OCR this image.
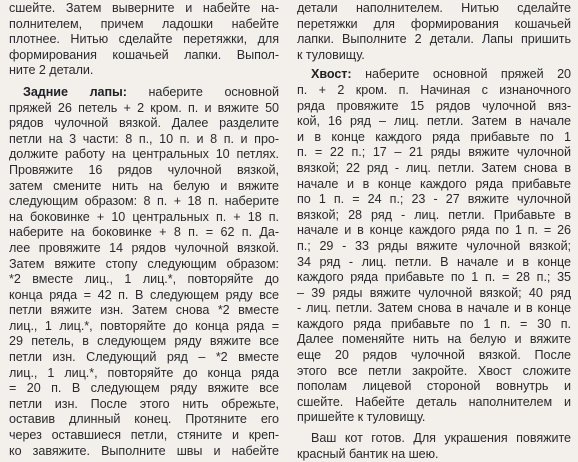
сшейте. Затем выверните и набейте на-
полнителем, причем ладошки набейте
плотнее. Нитью сделайте перетяжки, для
формирования кошачьей лапки. Выпол-
ните 2 детали.
Задние лапы: наберите основной
пряжей 26 петель + 2 кром. п. и вяжите 50
рядов чулочной вязкой. Далее разделите
петли на 3 части: 8 п., 10 п. и 8 п. и про-
должите работу на центральных 10 петлях.
Провяжите 16 рядов чулочной вязкой,
затем смените нить на белую и вяжите
следующим образом: 8 п. + 18 п. наберите
на боковинке + 10 центральных п. + 18 п.
наберите на боковинке + 8 п. = 62 п. Да-
лее провяжите 14 рядов чулочной вязкой.
Затем вяжите стопу следующим образом:
*2 вместе лиц., 1 лиц.*, повторяйте до
конца ряда = 42 п. В следующем ряду все
петли вяжите изн. Затем снова *2 вместе
лиц., 1 лиц.*, повторяйте до конца ряда =
29 петель, в следующем ряду вяжите все
петли изн. Следующий ряд – *2 вместе
лиц., 1 лиц.*, повторяйте до конца ряда
= 20 п. В следующем ряду вяжите все
петли изн. После этого нить обрежьте,
оставив длинный конец. Протяните его
через оставшиеся петли, стяните и креп-
ко завяжите. Выполните швы и набейте
детали наполнителем. Нитью сделайте
перетяжки для формирования кошачьей
лапки. Выполните 2 детали. Лапы пришить
к туловищу.
Хвост: наберите основной пряжей 20
п. + 2 кром. п. Начиная с изнаночного
ряда провяжите 15 рядов чулочной вяз-
кой, 16 ряд – лиц. петли. Затем в начале
и в конце каждого ряда прибавьте по 1
п. = 22 п.; 17 – 21 ряды вяжите чулочной
вязкой; 22 ряд - лиц. петли. Затем снова в
начале и в конце каждого ряда прибавьте
по 1 п. = 24 п.; 23 - 27 вяжите чулочной
вязкой; 28 ряд - лиц. петли. Прибавьте в
начале и в конце каждого ряда по 1 п. = 26
п.; 29 - 33 ряды вяжите чулочной вязкой;
34 ряд - лиц. петли. В начале и в конце
каждого ряда прибавьте по 1 п. = 28 п.; 35
– 39 ряды вяжите чулочной вязкой; 40 ряд
- лиц. петли. Затем снова в начале и в конце
каждого ряда прибавьте по 1 п. = 30 п.
Далее поменяйте нить на белую и вяжите
еще 20 рядов чулочной вязкой. После
этого все петли закройте. Хвост сложите
пополам лицевой стороной вовнутрь и
сшейте. Набейте деталь наполнителем и
пришейте к туловищу.
Ваш кот готов. Для украшения повяжите
красный бантик на шею.
